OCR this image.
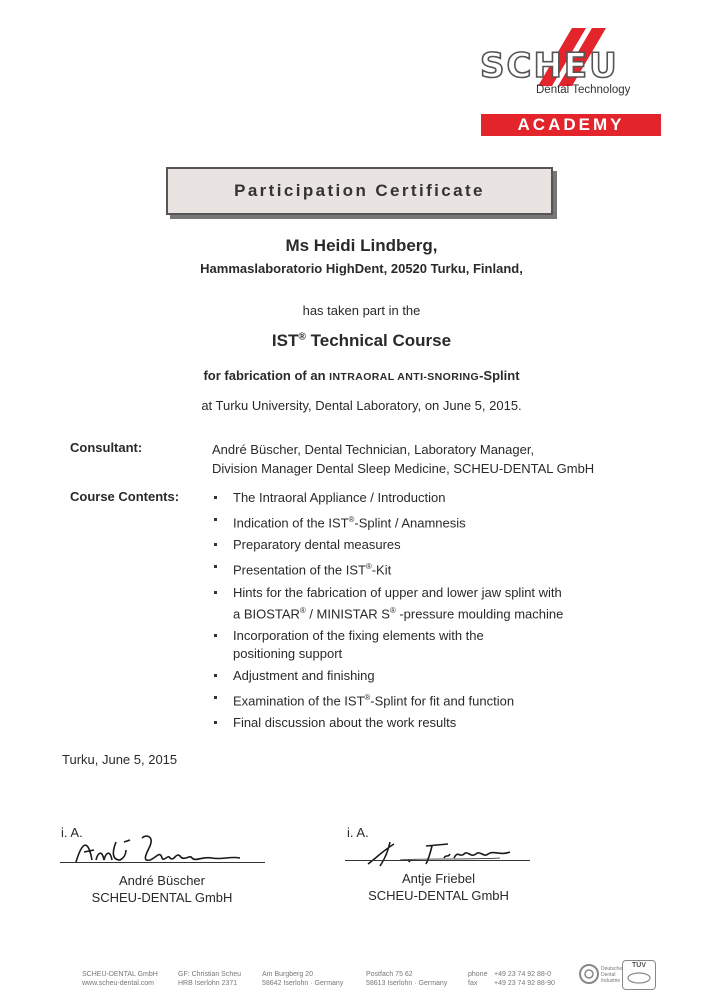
SCHEU
Dental Technology
ACADEMY
Participation Certificate
Ms Heidi Lindberg,
Hammaslaboratorio HighDent, 20520 Turku, Finland,
has taken part in the
IST® Technical Course
for fabrication of an INTRAORAL ANTI-SNORING-Splint
at Turku University, Dental Laboratory, on June 5, 2015.
Consultant:	André Büscher, Dental Technician, Laboratory Manager,
Division Manager Dental Sleep Medicine, SCHEU-DENTAL GmbH
Course Contents:	The Intraoral Appliance / Introduction
Indication of the IST®-Splint / Anamnesis
Preparatory dental measures
Presentation of the IST®-Kit
Hints for the fabrication of upper and lower jaw splint with
a BIOSTAR® / MINISTAR S® -pressure moulding machine
Incorporation of the fixing elements with the
positioning support
Adjustment and finishing
Examination of the IST®-Splint for fit and function
Final discussion about the work results
Turku, June 5, 2015
i. A.	i. A.
André Büscher
SCHEU-DENTAL GmbH
Antje Friebel
SCHEU-DENTAL GmbH
SCHEU-DENTAL GmbH
www.scheu-dental.com
GF: Christian Scheu
HRB Iserlohn 2371
Am Burgberg 20
58642 Iserlohn · Germany
Postfach 75 62
58613 Iserlohn · Germany
phone
fax
+49 23 74 92 88-0
+49 23 74 92 88-90
Deutsche
Dental
Industrie
TÜV
